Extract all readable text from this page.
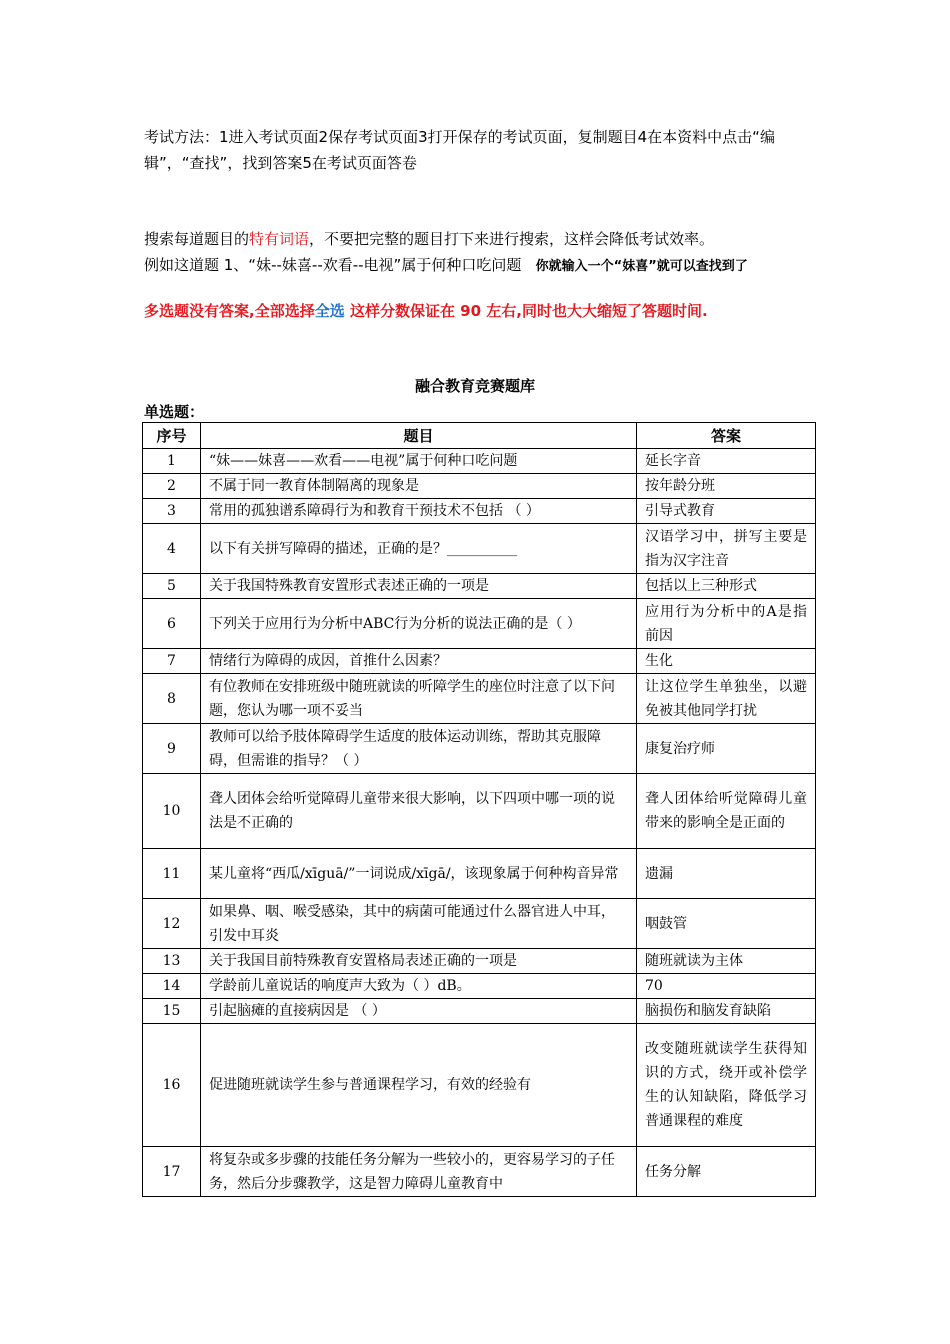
考试方法：1进入考试页面2保存考试页面3打开保存的考试页面，复制题目4在本资料中点击“编辑”，“查找”，找到答案5在考试页面答卷
搜索每道题目的特有词语，不要把完整的题目打下来进行搜索，这样会降低考试效率。
例如这道题 1、“妹--妹喜--欢看--电视”属于何种口吃问题 你就输入一个“妹喜”就可以查找到了
多选题没有答案,全部选择全选 这样分数保证在 90 左右,同时也大大缩短了答题时间.
融合教育竞赛题库
单选题：
序号	题目	答案
1	“妹——妹喜——欢看——电视”属于何种口吃问题	延长字音
2	不属于同一教育体制隔离的现象是	按年龄分班
3	常用的孤独谱系障碍行为和教育干预技术不包括 （ ）	引导式教育
4	以下有关拼写障碍的描述，正确的是？__________	汉语学习中，拼写主要是指为汉字注音
5	关于我国特殊教育安置形式表述正确的一项是	包括以上三种形式
6	下列关于应用行为分析中ABC行为分析的说法正确的是（ ）	应用行为分析中的A是指前因
7	情绪行为障碍的成因，首推什么因素？	生化
8	有位教师在安排班级中随班就读的听障学生的座位时注意了以下问题，您认为哪一项不妥当	让这位学生单独坐，以避免被其他同学打扰
9	教师可以给予肢体障碍学生适度的肢体运动训练，帮助其克服障碍，但需谁的指导？（ ）	康复治疗师
10	聋人团体会给听觉障碍儿童带来很大影响，以下四项中哪一项的说法是不正确的	聋人团体给听觉障碍儿童带来的影响全是正面的
11	某儿童将“西瓜/xīguā/”一词说成/xīgā/，该现象属于何种构音异常	遗漏
12	如果鼻、咽、喉受感染，其中的病菌可能通过什么器官进人中耳，引发中耳炎	咽鼓管
13	关于我国目前特殊教育安置格局表述正确的一项是	随班就读为主体
14	学龄前儿童说话的响度声大致为（ ）dB。	70
15	引起脑瘫的直接病因是 （ ）	脑损伤和脑发育缺陷
16	促进随班就读学生参与普通课程学习，有效的经验有	改变随班就读学生获得知识的方式，绕开或补偿学生的认知缺陷，降低学习普通课程的难度
17	将复杂或多步骤的技能任务分解为一些较小的，更容易学习的子任务，然后分步骤教学，这是智力障碍儿童教育中	任务分解
